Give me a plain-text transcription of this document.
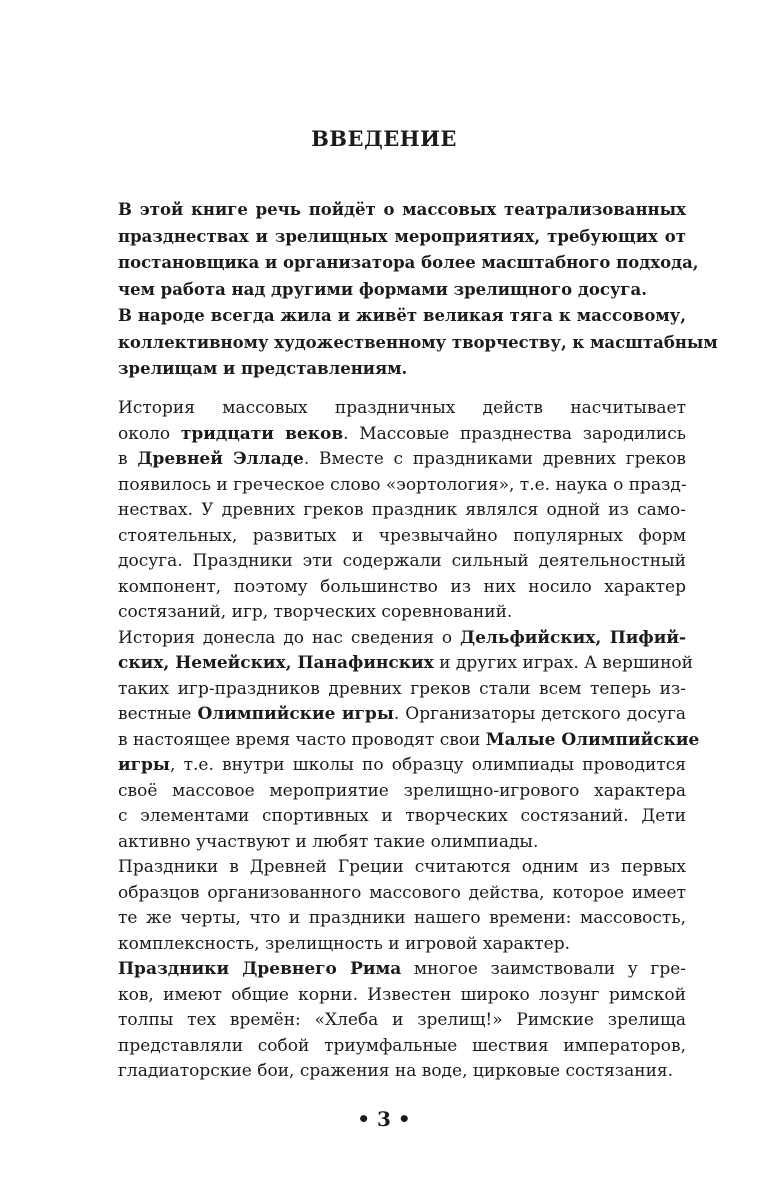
ВВЕДЕНИЕ

В этой книге речь пойдёт о массовых театрализованных
празднествах и зрелищных мероприятиях, требующих от
постановщика и организатора более масштабного подхода,
чем работа над другими формами зрелищного досуга.

В народе всегда жила и живёт великая тяга к массовому,
коллективному художественному творчеству, к масштабным
зрелищам и представлениям.

История массовых праздничных действ насчитывает
около тридцати веков. Массовые празднества зародились
в Древней Элладе. Вместе с праздниками древних греков
появилось и греческое слово «эортология», т.е. наука о празд-
нествах. У древних греков праздник являлся одной из само-
стоятельных, развитых и чрезвычайно популярных форм
досуга. Праздники эти содержали сильный деятельностный
компонент, поэтому большинство из них носило характер
состязаний, игр, творческих соревнований.

История донесла до нас сведения о Дельфийских, Пифий-
ских, Немейских, Панафинских и других играх. А вершиной
таких игр-праздников древних греков стали всем теперь из-
вестные Олимпийские игры. Организаторы детского досуга
в настоящее время часто проводят свои Малые Олимпийские
игры, т.е. внутри школы по образцу олимпиады проводится
своё массовое мероприятие зрелищно-игрового характера
с элементами спортивных и творческих состязаний. Дети
активно участвуют и любят такие олимпиады.

Праздники в Древней Греции считаются одним из первых
образцов организованного массового действа, которое имеет
те же черты, что и праздники нашего времени: массовость,
комплексность, зрелищность и игровой характер.

Праздники Древнего Рима многое заимствовали у гре-
ков, имеют общие корни. Известен широко лозунг римской
толпы тех времён: «Хлеба и зрелищ!» Римские зрелища
представляли собой триумфальные шествия императоров,
гладиаторские бои, сражения на воде, цирковые состязания.

• 3 •
